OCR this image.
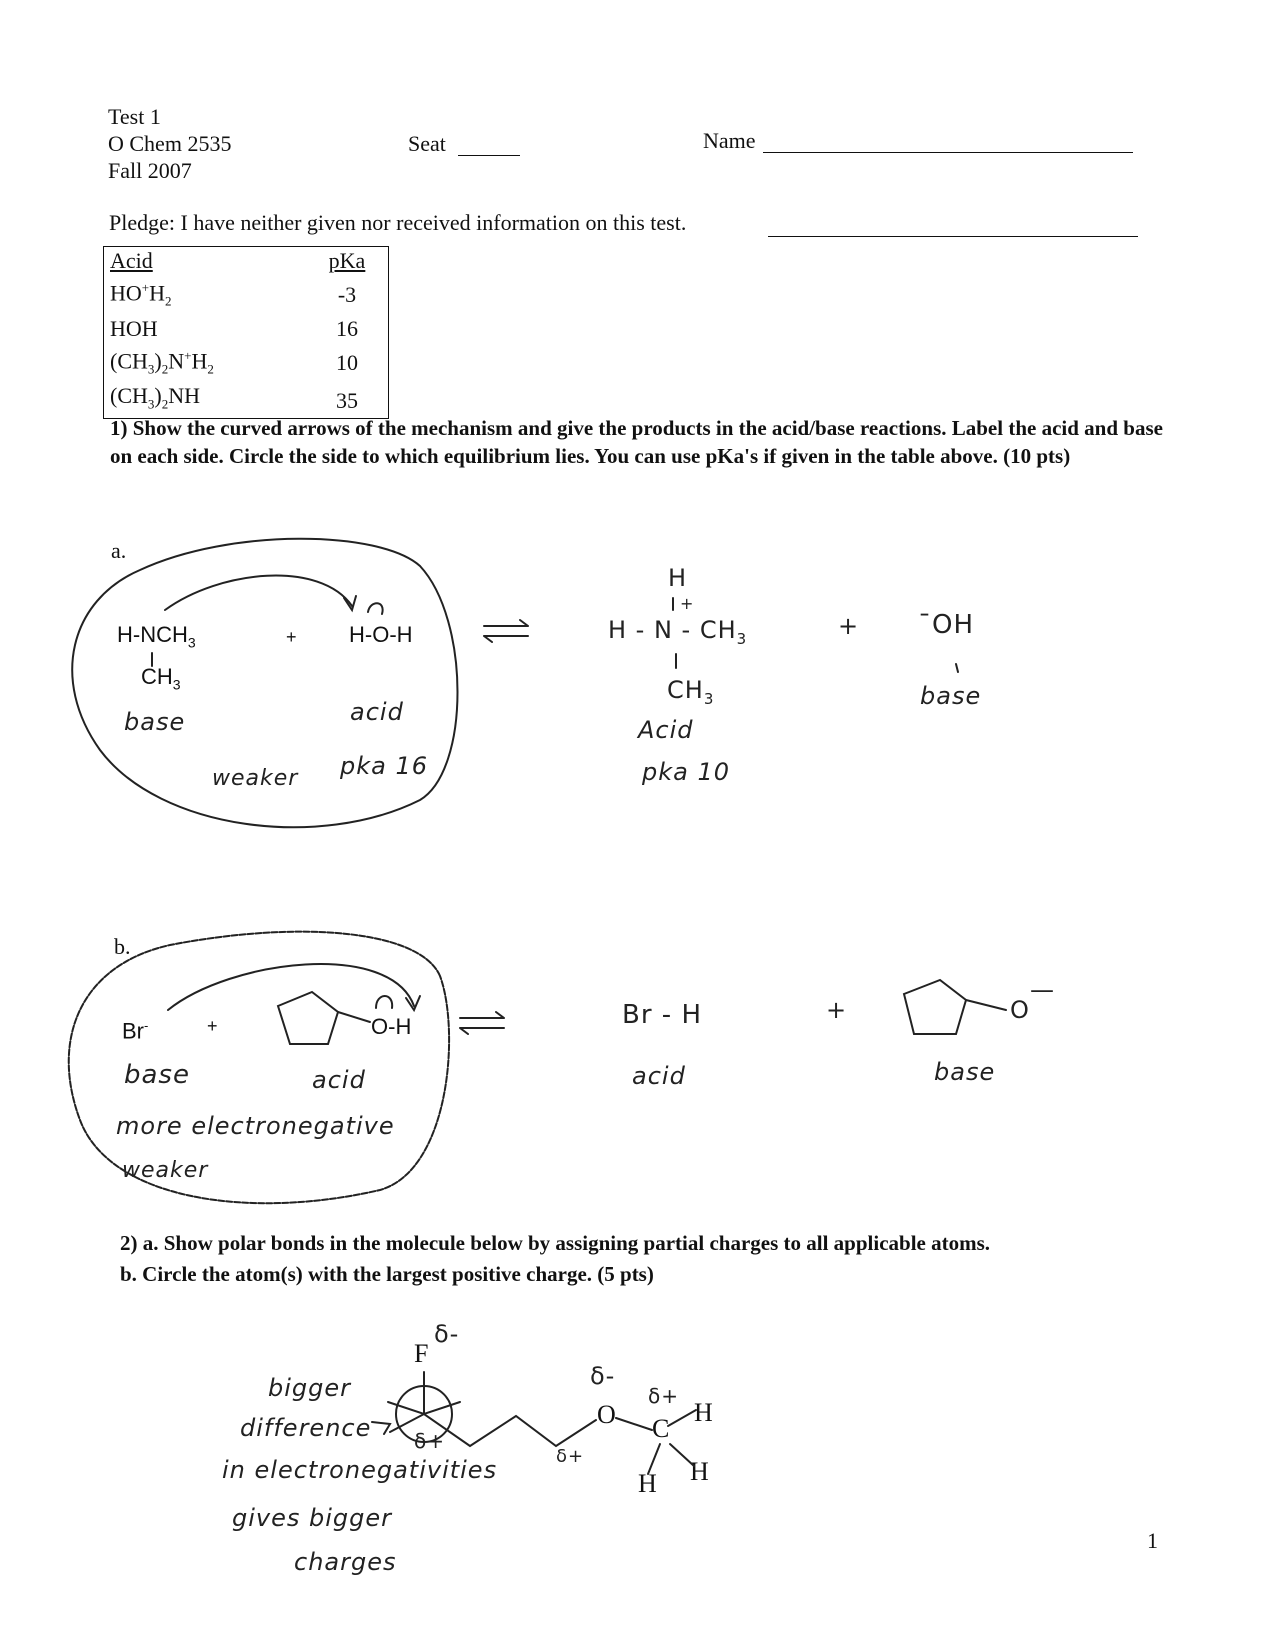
Test 1
O Chem 2535
Fall 2007
Seat	Name
Pledge: I have neither given nor received information on this test.
Acid	pKa
$HO^+H_2$	-3
HOH	16
$(CH_3)_2N^+H_2$	10
$(CH_3)_2NH$	35
1) Show the curved arrows of the mechanism and give the products in the acid/base reactions. Label the acid and base on each side. Circle the side to which equilibrium lies. You can use pKa's if given in the table above. (10 pts)
a.
$H-NCH_3$
$CH_3$
+ H-O-H
base	acid
weaker pka 16
H
+
H - N - $CH_3$
$CH_3$
Acid
pka 10
+ ¯OH
base
b.
Br-	+	O-H
base	acid
more electronegative
weaker
Br - H
acid
+	O
—
base
2) a. Show polar bonds in the molecule below by assigning partial charges to all applicable atoms.
b. Circle the atom(s) with the largest positive charge. (5 pts)
F
δ-
O
δ-
C
δ+
H
H H
δ+
δ+
bigger
difference
in electronegativities
gives bigger
charges
1
